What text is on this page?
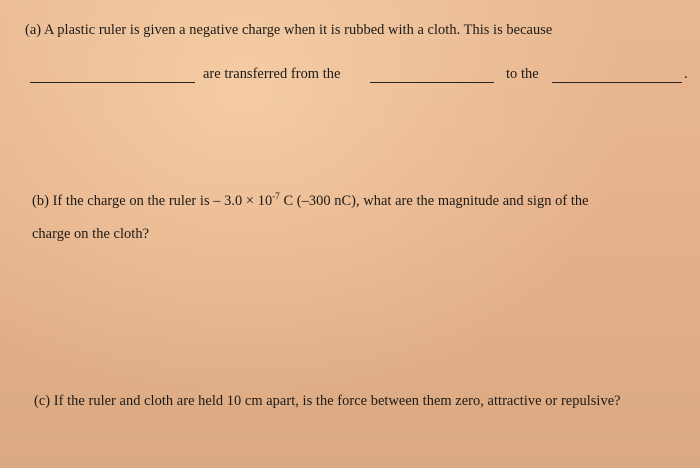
(a) A plastic ruler is given a negative charge when it is rubbed with a cloth. This is because
are transferred from the	to the	.
(b) If the charge on the ruler is – $3.0 \times 10^{-7}$ C (–300 nC), what are the magnitude and sign of the
charge on the cloth?
(c) If the ruler and cloth are held 10 cm apart, is the force between them zero, attractive or repulsive?
